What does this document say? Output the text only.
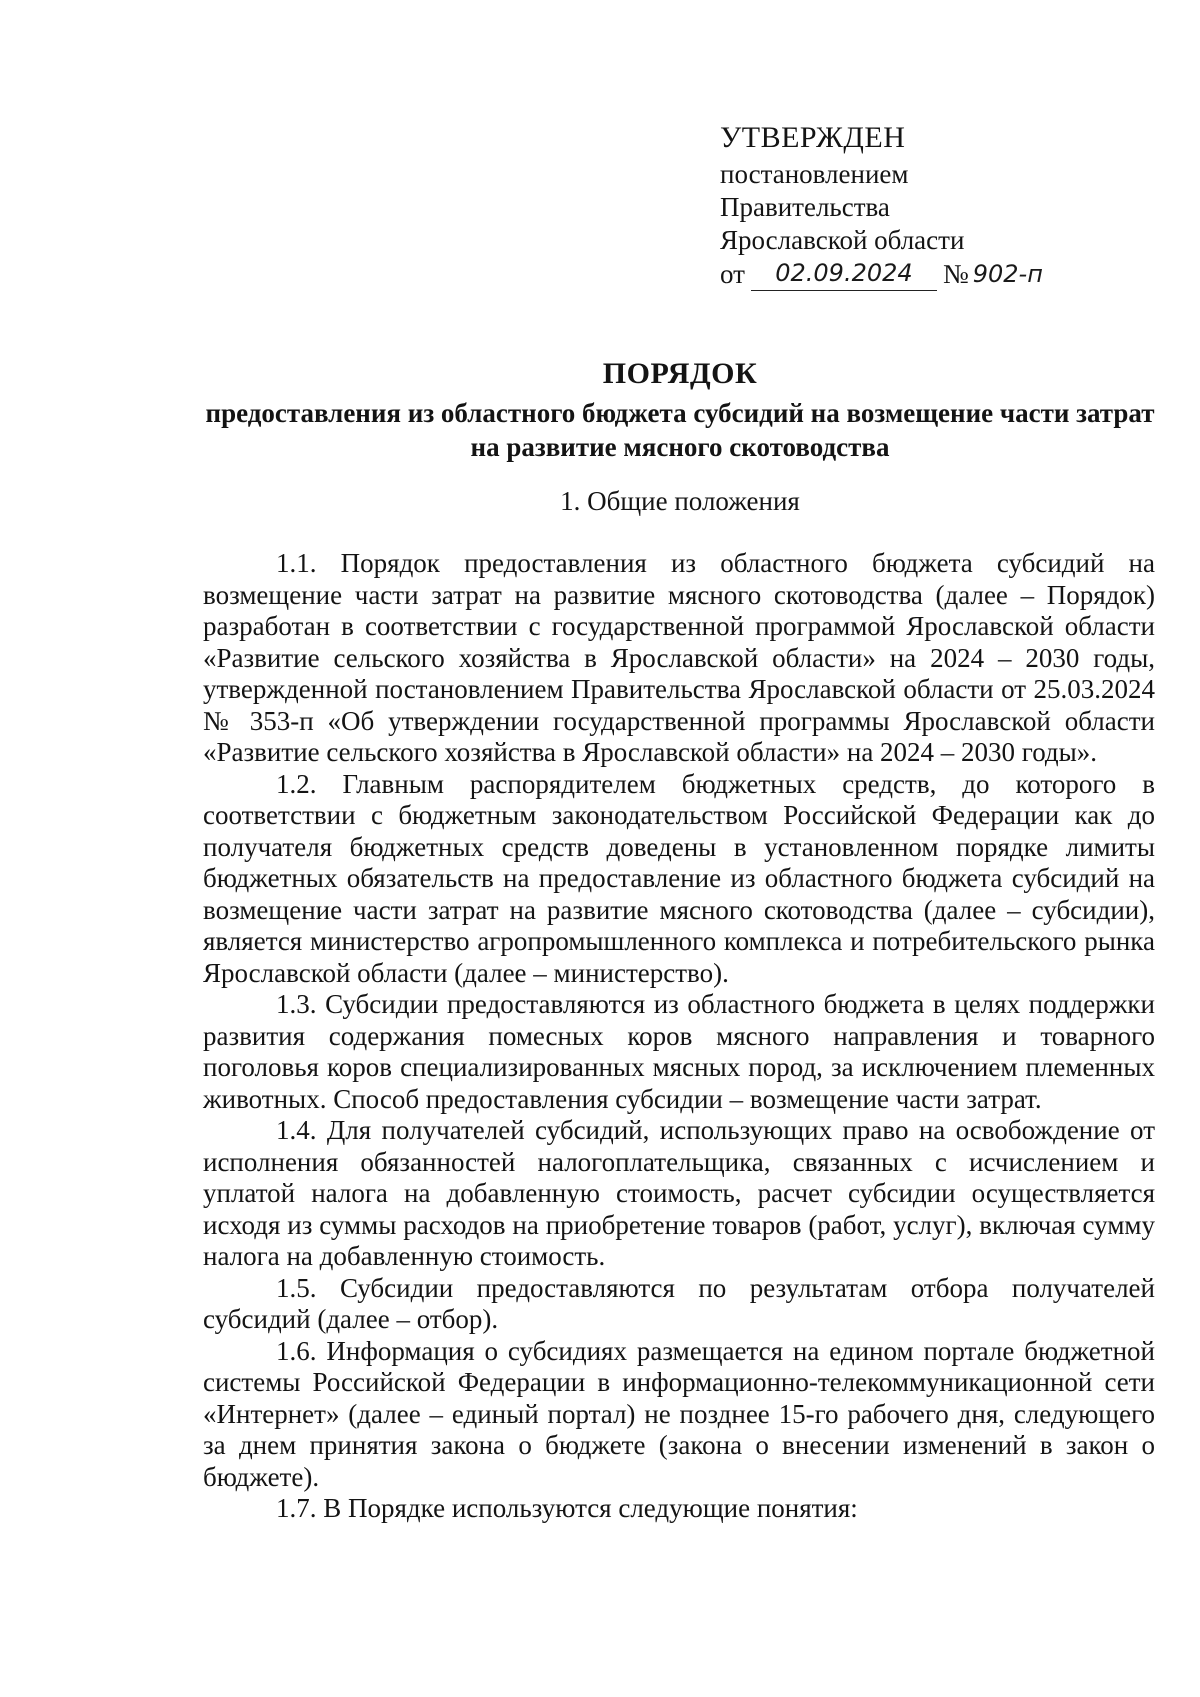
УТВЕРЖДЕН
постановлением
Правительства
Ярославской области
от	02.09.2024	№ 902-п
ПОРЯДОК
предоставления из областного бюджета субсидий на возмещение части затрат на развитие мясного скотоводства
1. Общие положения

1.1. Порядок предоставления из областного бюджета субсидий на возмещение части затрат на развитие мясного скотоводства (далее – Порядок) разработан в соответствии с государственной программой Ярославской области «Развитие сельского хозяйства в Ярославской области» на 2024 – 2030 годы, утвержденной постановлением Правительства Ярославской области от 25.03.2024 № 353-п «Об утверждении государственной программы Ярославской области «Развитие сельского хозяйства в Ярославской области» на 2024 – 2030 годы».

1.2. Главным распорядителем бюджетных средств, до которого в соответствии с бюджетным законодательством Российской Федерации как до получателя бюджетных средств доведены в установленном порядке лимиты бюджетных обязательств на предоставление из областного бюджета субсидий на возмещение части затрат на развитие мясного скотоводства (далее – субсидии), является министерство агропромышленного комплекса и потребительского рынка Ярославской области (далее – министерство).

1.3. Субсидии предоставляются из областного бюджета в целях поддержки развития содержания помесных коров мясного направления и товарного поголовья коров специализированных мясных пород, за исключением племенных животных. Способ предоставления субсидии – возмещение части затрат.

1.4. Для получателей субсидий, использующих право на освобождение от исполнения обязанностей налогоплательщика, связанных с исчислением и уплатой налога на добавленную стоимость, расчет субсидии осуществляется исходя из суммы расходов на приобретение товаров (работ, услуг), включая сумму налога на добавленную стоимость.

1.5. Субсидии предоставляются по результатам отбора получателей субсидий (далее – отбор).

1.6. Информация о субсидиях размещается на едином портале бюджетной системы Российской Федерации в информационно-телекоммуникационной сети «Интернет» (далее – единый портал) не позднее 15-го рабочего дня, следующего за днем принятия закона о бюджете (закона о внесении изменений в закон о бюджете).

1.7. В Порядке используются следующие понятия:
